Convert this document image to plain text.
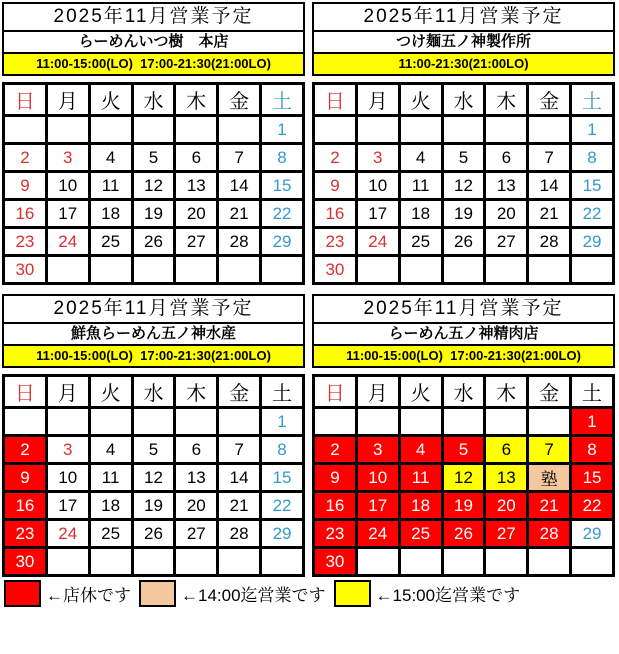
2025年11月営業予定
らーめんいつ樹　本店
11:00-15:00(LO)  17:00-21:30(21:00LO)
日	月	火	水	木	金	土
						1
2	3	4	5	6	7	8
9	10	11	12	13	14	15
16	17	18	19	20	21	22
23	24	25	26	27	28	29
30						
2025年11月営業予定
つけ麺五ノ神製作所
11:00-21:30(21:00LO)
日	月	火	水	木	金	土
						1
2	3	4	5	6	7	8
9	10	11	12	13	14	15
16	17	18	19	20	21	22
23	24	25	26	27	28	29
30						
2025年11月営業予定
鮮魚らーめん五ノ神水産
11:00-15:00(LO)  17:00-21:30(21:00LO)
日	月	火	水	木	金	土
						1
2	3	4	5	6	7	8
9	10	11	12	13	14	15
16	17	18	19	20	21	22
23	24	25	26	27	28	29
30						
2025年11月営業予定
らーめん五ノ神精肉店
11:00-15:00(LO)  17:00-21:30(21:00LO)
日	月	火	水	木	金	土
						1
2	3	4	5	6	7	8
9	10	11	12	13	塾	15
16	17	18	19	20	21	22
23	24	25	26	27	28	29
30						
←店休です	←14:00迄営業です	←15:00迄営業です
